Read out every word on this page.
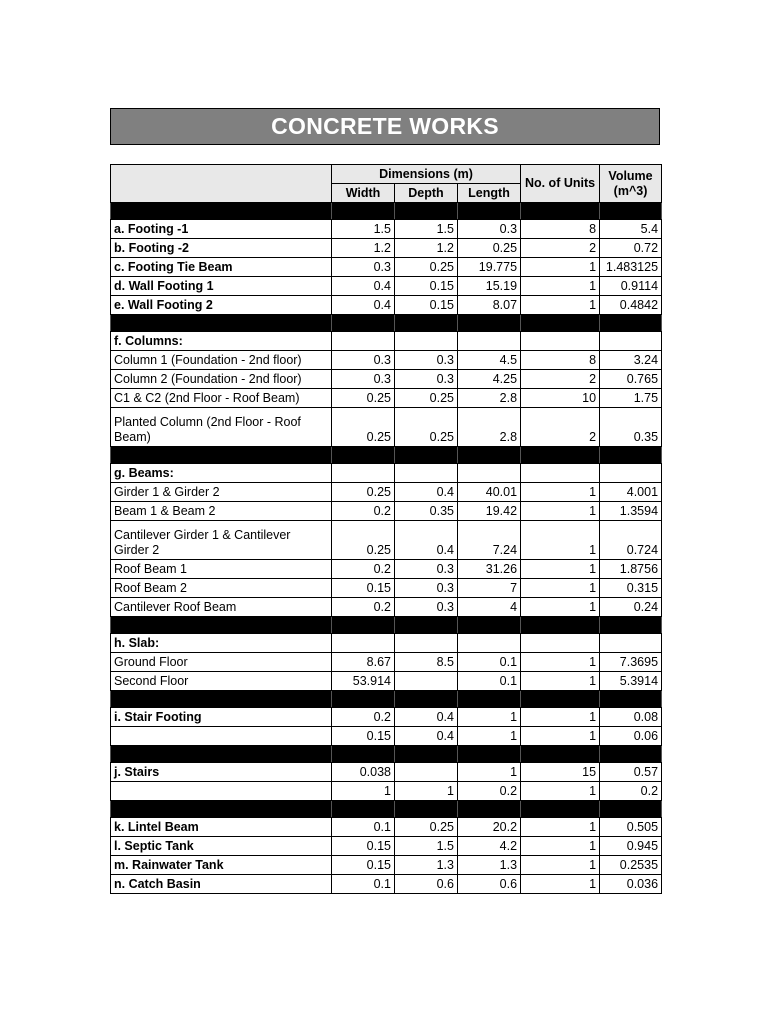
CONCRETE WORKS
	Dimensions (m)			No. of Units	Volume
(m^3)

	Width	Depth	Length		

a. Footing -1	1.5	1.5	0.3	8	5.4
b. Footing -2	1.2	1.2	0.25	2	0.72
c. Footing Tie Beam	0.3	0.25	19.775	1	1.483125
d. Wall Footing 1	0.4	0.15	15.19	1	0.9114
e. Wall Footing 2	0.4	0.15	8.07	1	0.4842

f. Columns:					
Column 1 (Foundation - 2nd floor)	0.3	0.3	4.5	8	3.24
Column 2 (Foundation - 2nd floor)	0.3	0.3	4.25	2	0.765
C1 & C2 (2nd Floor - Roof Beam)	0.25	0.25	2.8	10	1.75
Planted Column (2nd Floor - Roof Beam)	0.25	0.25	2.8	2	0.35

g. Beams:					
Girder 1 & Girder 2	0.25	0.4	40.01	1	4.001
Beam 1 & Beam 2	0.2	0.35	19.42	1	1.3594
Cantilever Girder 1 & Cantilever Girder 2	0.25	0.4	7.24	1	0.724
Roof Beam 1	0.2	0.3	31.26	1	1.8756
Roof Beam 2	0.15	0.3	7	1	0.315
Cantilever Roof Beam	0.2	0.3	4	1	0.24

h. Slab:					
Ground Floor	8.67	8.5	0.1	1	7.3695
Second Floor	53.914		0.1	1	5.3914

i. Stair Footing	0.2	0.4	1	1	0.08
	0.15	0.4	1	1	0.06

j. Stairs	0.038		1	15	0.57
	1	1	0.2	1	0.2

k. Lintel Beam	0.1	0.25	20.2	1	0.505
l. Septic Tank	0.15	1.5	4.2	1	0.945
m. Rainwater Tank	0.15	1.3	1.3	1	0.2535
n. Catch Basin	0.1	0.6	0.6	1	0.036
